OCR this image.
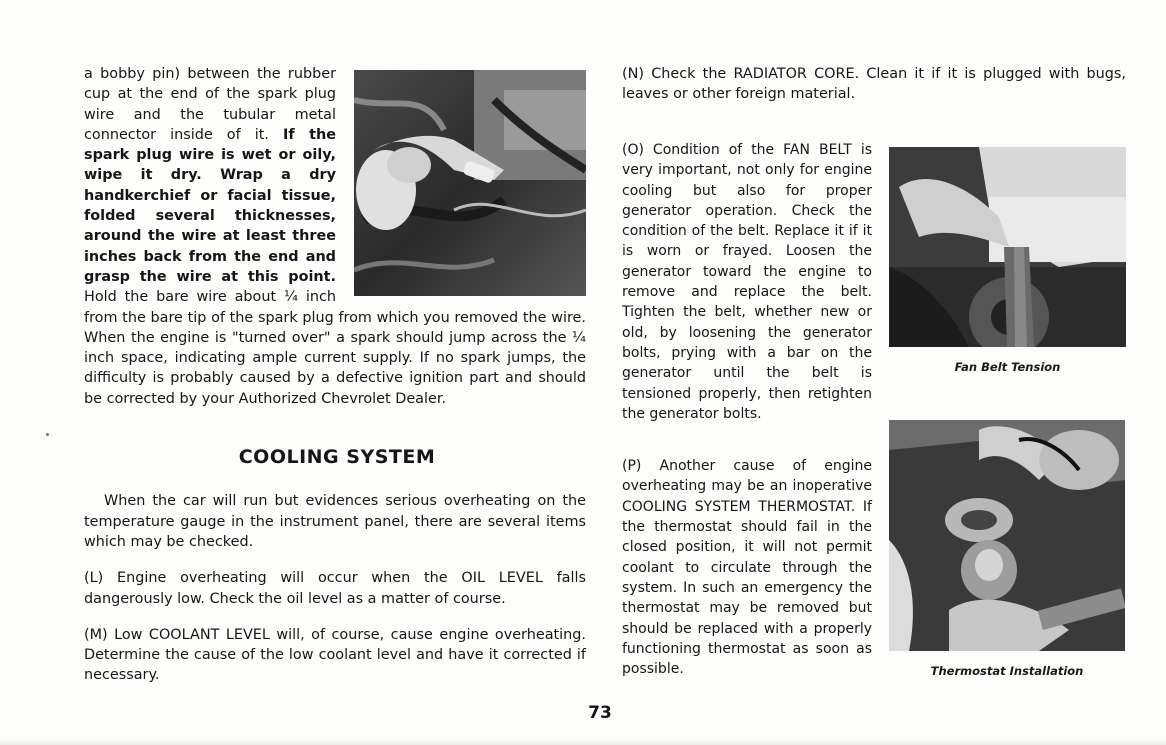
a bobby pin) between the rubber cup at the end of the spark plug wire and the tubular metal connector inside of it. If the spark plug wire is wet or oily, wipe it dry. Wrap a dry handkerchief or facial tissue, folded several thicknesses, around the wire at least three inches back from the end and grasp the wire at this point. Hold the bare wire about ¼ inch from the bare tip of the spark plug from which you removed the wire. When the engine is "turned over" a spark should jump across the ¼ inch space, indicating ample current supply. If no spark jumps, the difficulty is probably caused by a defective ignition part and should be corrected by your Authorized Chevrolet Dealer.

COOLING SYSTEM

When the car will run but evidences serious overheating on the temperature gauge in the instrument panel, there are several items which may be checked.

(L) Engine overheating will occur when the OIL LEVEL falls dangerously low. Check the oil level as a matter of course.

(M) Low COOLANT LEVEL will, of course, cause engine overheating. Determine the cause of the low coolant level and have it corrected if necessary.

(N) Check the RADIATOR CORE. Clean it if it is plugged with bugs, leaves or other foreign material.

(O) Condition of the FAN BELT is very important, not only for engine cooling but also for proper generator operation. Check the condition of the belt. Replace it if it is worn or frayed. Loosen the generator toward the engine to remove and replace the belt. Tighten the belt, whether new or old, by loosening the generator bolts, prying with a bar on the generator until the belt is tensioned properly, then retighten the generator bolts.

(P) Another cause of engine overheating may be an inoperative COOLING SYSTEM THERMOSTAT. If the thermostat should fail in the closed position, it will not permit coolant to circulate through the system. In such an emergency the thermostat may be removed but should be replaced with a properly functioning thermostat as soon as possible.

Fan Belt Tension
Thermostat Installation
73
